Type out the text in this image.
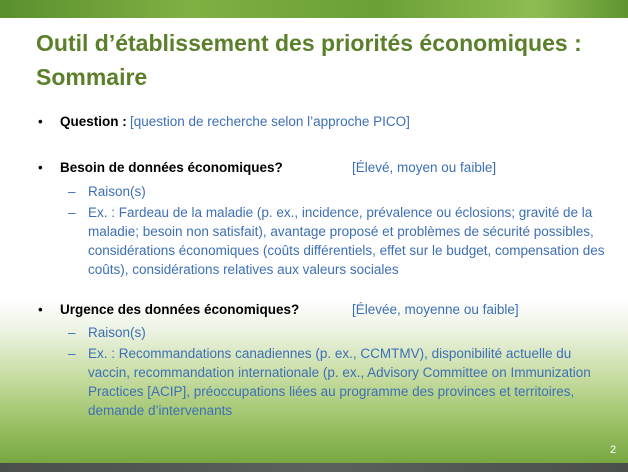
Outil d’établissement des priorités économiques : Sommaire
• Question : [question de recherche selon l’approche PICO]
• Besoin de données économiques?	[Élevé, moyen ou faible]
– Raison(s)
– Ex. : Fardeau de la maladie (p. ex., incidence, prévalence ou éclosions; gravité de la maladie; besoin non satisfait), avantage proposé et problèmes de sécurité possibles, considérations économiques (coûts différentiels, effet sur le budget, compensation des coûts), considérations relatives aux valeurs sociales
• Urgence des données économiques?	[Élevée, moyenne ou faible]
– Raison(s)
– Ex. : Recommandations canadiennes (p. ex., CCMTMV), disponibilité actuelle du vaccin, recommandation internationale (p. ex., Advisory Committee on Immunization Practices [ACIP], préoccupations liées au programme des provinces et territoires, demande d’intervenants
2
